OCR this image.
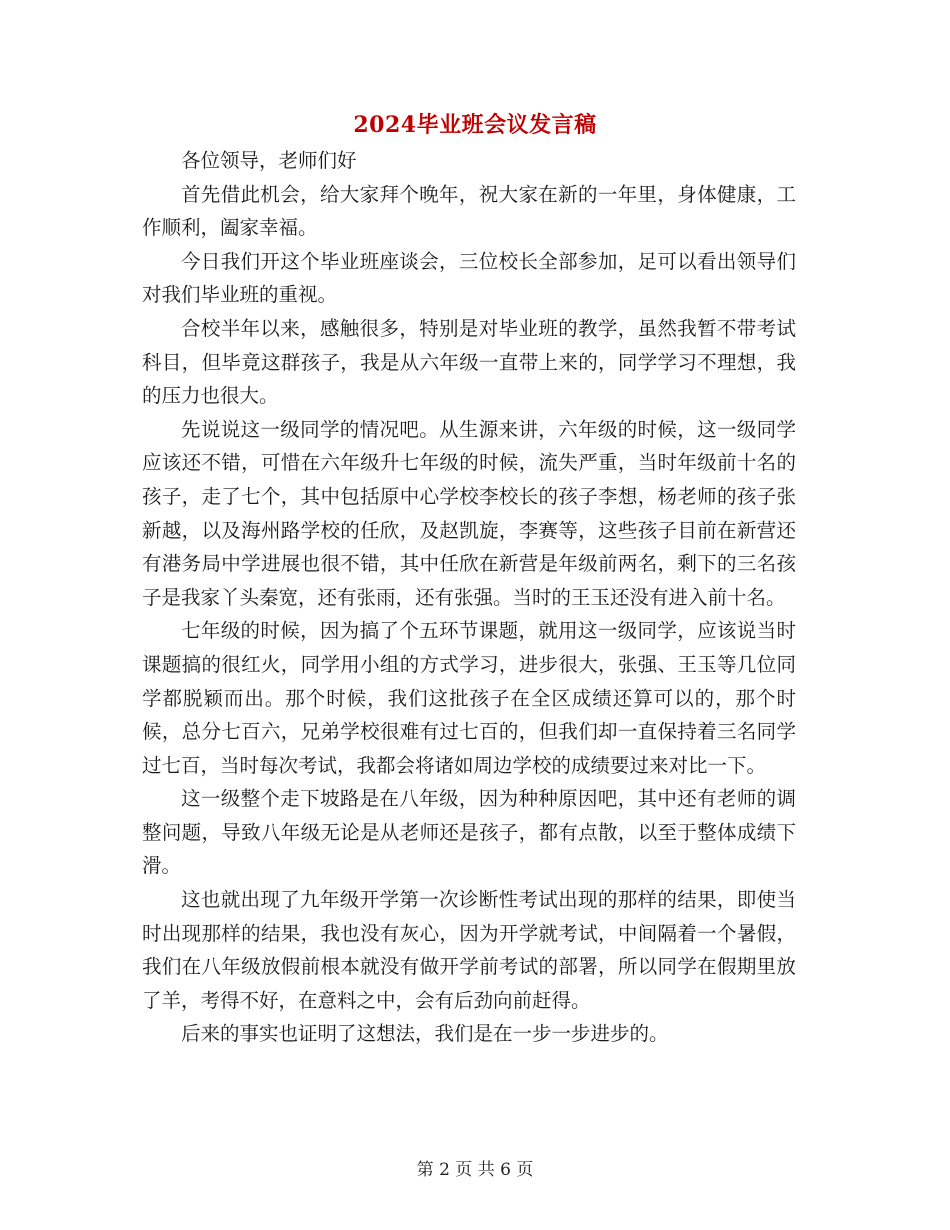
2024毕业班会议发言稿

各位领导，老师们好

首先借此机会，给大家拜个晚年，祝大家在新的一年里，身体健康，工作顺利，阖家幸福。

今日我们开这个毕业班座谈会，三位校长全部参加，足可以看出领导们对我们毕业班的重视。

合校半年以来，感触很多，特别是对毕业班的教学，虽然我暂不带考试科目，但毕竟这群孩子，我是从六年级一直带上来的，同学学习不理想，我的压力也很大。

先说说这一级同学的情况吧。从生源来讲，六年级的时候，这一级同学应该还不错，可惜在六年级升七年级的时候，流失严重，当时年级前十名的孩子，走了七个，其中包括原中心学校李校长的孩子李想，杨老师的孩子张新越，以及海州路学校的任欣，及赵凯旋，李赛等，这些孩子目前在新营还有港务局中学进展也很不错，其中任欣在新营是年级前两名，剩下的三名孩子是我家丫头秦宽，还有张雨，还有张强。当时的王玉还没有进入前十名。

七年级的时候，因为搞了个五环节课题，就用这一级同学，应该说当时课题搞的很红火，同学用小组的方式学习，进步很大，张强、王玉等几位同学都脱颖而出。那个时候，我们这批孩子在全区成绩还算可以的，那个时候，总分七百六，兄弟学校很难有过七百的，但我们却一直保持着三名同学过七百，当时每次考试，我都会将诸如周边学校的成绩要过来对比一下。

这一级整个走下坡路是在八年级，因为种种原因吧，其中还有老师的调整问题，导致八年级无论是从老师还是孩子，都有点散，以至于整体成绩下滑。

这也就出现了九年级开学第一次诊断性考试出现的那样的结果，即使当时出现那样的结果，我也没有灰心，因为开学就考试，中间隔着一个暑假，我们在八年级放假前根本就没有做开学前考试的部署，所以同学在假期里放了羊，考得不好，在意料之中，会有后劲向前赶得。

后来的事实也证明了这想法，我们是在一步一步进步的。

第 2 页 共 6 页
